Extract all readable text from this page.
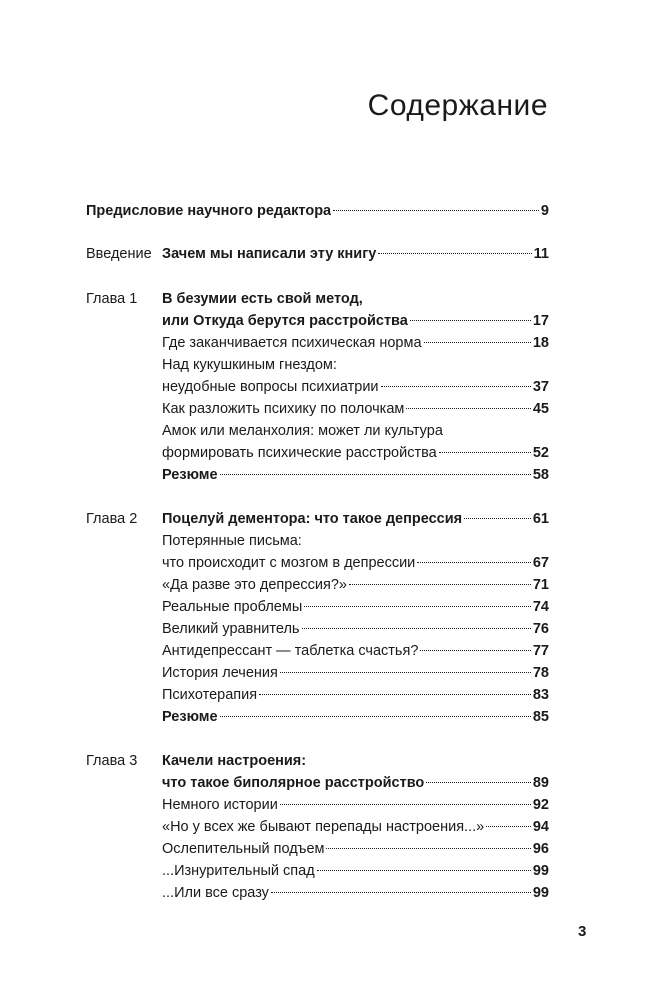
Содержание
Предисловие научного редактора	9
Введение Зачем мы написали эту книгу	11
Глава 1 В безумии есть свой метод,
или Откуда берутся расстройства	17
Где заканчивается психическая норма	18
Над кукушкиным гнездом:
неудобные вопросы психиатрии	37
Как разложить психику по полочкам	45
Амок или меланхолия: может ли культура
формировать психические расстройства	52
Резюме	58
Глава 2 Поцелуй дементора: что такое депрессия	61
Потерянные письма:
что происходит с мозгом в депрессии	67
«Да разве это депрессия?»	71
Реальные проблемы	74
Великий уравнитель	76
Антидепрессант — таблетка счастья?	77
История лечения	78
Психотерапия	83
Резюме	85
Глава 3 Качели настроения:
что такое биполярное расстройство	89
Немного истории	92
«Но у всех же бывают перепады настроения...»	94
Ослепительный подъем	96
...Изнурительный спад	99
...Или все сразу	99
3
